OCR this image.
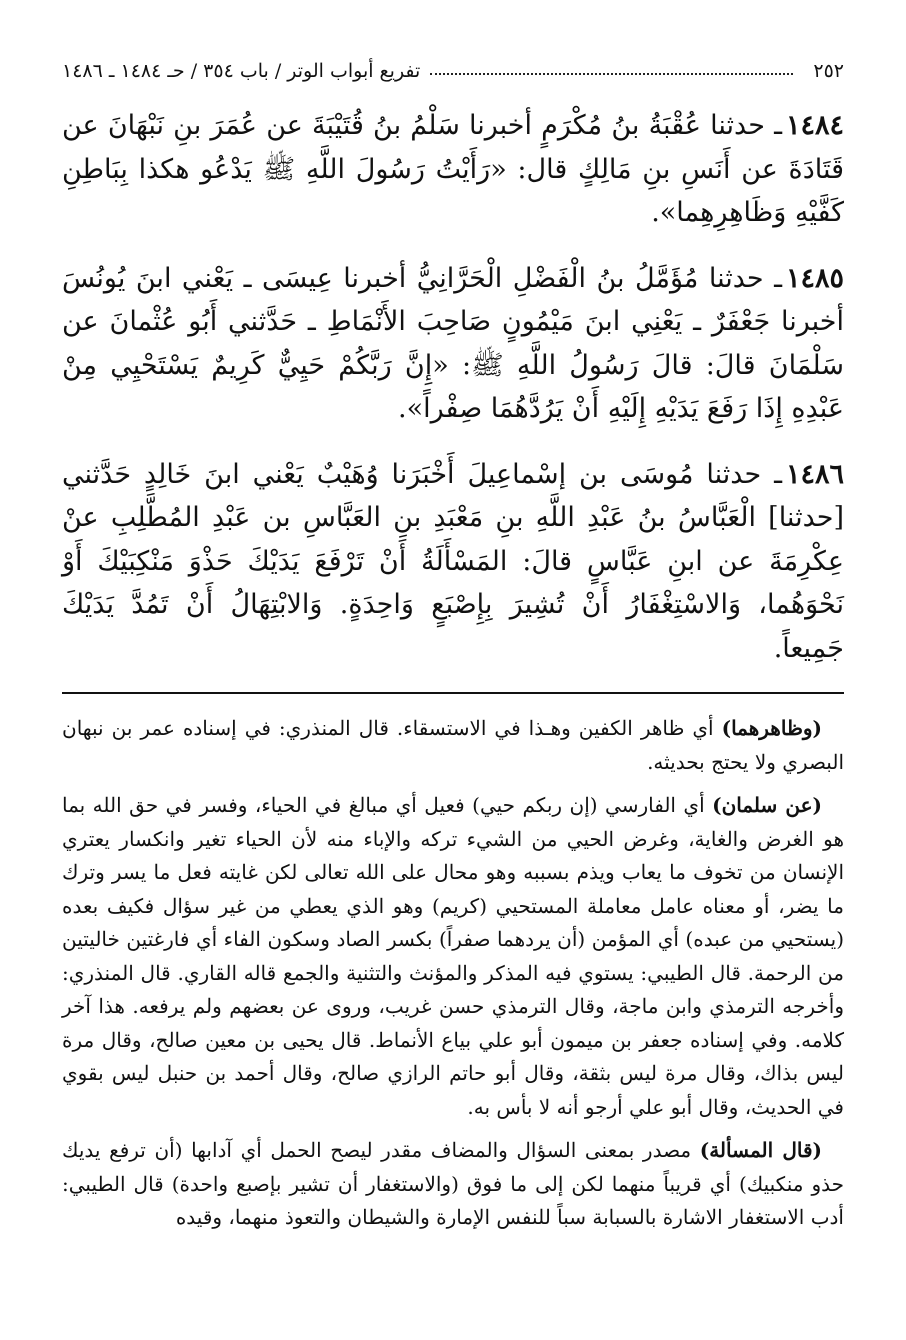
٢٥٢
تفريع أبواب الوتر / باب ٣٥٤ / حـ ١٤٨٤ ـ ١٤٨٦

١٤٨٤ـ حدثنا عُقْبَةُ بنُ مُكْرَمٍ أخبرنا سَلْمُ بنُ قُتَيْبَةَ عن عُمَرَ بنِ نَبْهَانَ عن قَتَادَةَ عن أَنَسِ بنِ مَالِكٍ قال: «رَأَيْتُ رَسُولَ اللَّهِ ﷺ يَدْعُو هكذا بِبَاطِنِ كَفَّيْهِ وَظَاهِرِهِما».

١٤٨٥ـ حدثنا مُؤَمَّلُ بنُ الْفَضْلِ الْحَرَّانِيُّ أخبرنا عِيسَى ـ يَعْني ابنَ يُونُسَ أخبرنا جَعْفَرٌ ـ يَعْنِي ابنَ مَيْمُونٍ صَاحِبَ الأَنْمَاطِ ـ حَدَّثني أَبُو عُثْمانَ عن سَلْمَانَ قالَ: قالَ رَسُولُ اللَّهِ ﷺ: «إِنَّ رَبَّكُمْ حَيِيٌّ كَرِيمٌ يَسْتَحْيِي مِنْ عَبْدِهِ إِذَا رَفَعَ يَدَيْهِ إِلَيْهِ أَنْ يَرُدَّهُمَا صِفْراً».

١٤٨٦ـ حدثنا مُوسَى بن إسْماعِيلَ أَخْبَرَنا وُهَيْبٌ يَعْني ابنَ خَالِدٍ حَدَّثني [حدثنا] الْعَبَّاسُ بنُ عَبْدِ اللَّهِ بنِ مَعْبَدِ بنِ العَبَّاسِ بن عَبْدِ المُطَّلِبِ عنْ عِكْرِمَةَ عن ابنِ عَبَّاسٍ قالَ: المَسْأَلَةُ أَنْ تَرْفَعَ يَدَيْكَ حَذْوَ مَنْكِبَيْكَ أَوْ نَحْوَهُما، وَالاسْتِغْفَارُ أَنْ تُشِيرَ بِإِصْبَعٍ وَاحِدَةٍ. وَالابْتِهَالُ أَنْ تَمُدَّ يَدَيْكَ جَمِيعاً.

(وظاهرهما) أي ظاهر الكفين وهـذا في الاستسقاء. قال المنذري: في إسناده عمر بن نبهان البصري ولا يحتج بحديثه.

(عن سلمان) أي الفارسي (إن ربكم حيي) فعيل أي مبالغ في الحياء، وفسر في حق الله بما هو الغرض والغاية، وغرض الحيي من الشيء تركه والإباء منه لأن الحياء تغير وانكسار يعتري الإنسان من تخوف ما يعاب ويذم بسببه وهو محال على الله تعالى لكن غايته فعل ما يسر وترك ما يضر، أو معناه عامل معاملة المستحيي (كريم) وهو الذي يعطي من غير سؤال فكيف بعده (يستحيي من عبده) أي المؤمن (أن يردهما صفراً) بكسر الصاد وسكون الفاء أي فارغتين خاليتين من الرحمة. قال الطيبي: يستوي فيه المذكر والمؤنث والتثنية والجمع قاله القاري. قال المنذري: وأخرجه الترمذي وابن ماجة، وقال الترمذي حسن غريب، وروى عن بعضهم ولم يرفعه. هذا آخر كلامه. وفي إسناده جعفر بن ميمون أبو علي بياع الأنماط. قال يحيى بن معين صالح، وقال مرة ليس بذاك، وقال مرة ليس بثقة، وقال أبو حاتم الرازي صالح، وقال أحمد بن حنبل ليس بقوي في الحديث، وقال أبو علي أرجو أنه لا بأس به.

(قال المسألة) مصدر بمعنى السؤال والمضاف مقدر ليصح الحمل أي آدابها (أن ترفع يديك حذو منكبيك) أي قريباً منهما لكن إلى ما فوق (والاستغفار أن تشير بإصبع واحدة) قال الطيبي: أدب الاستغفار الاشارة بالسبابة سباً للنفس الإمارة والشيطان والتعوذ منهما، وقيده
